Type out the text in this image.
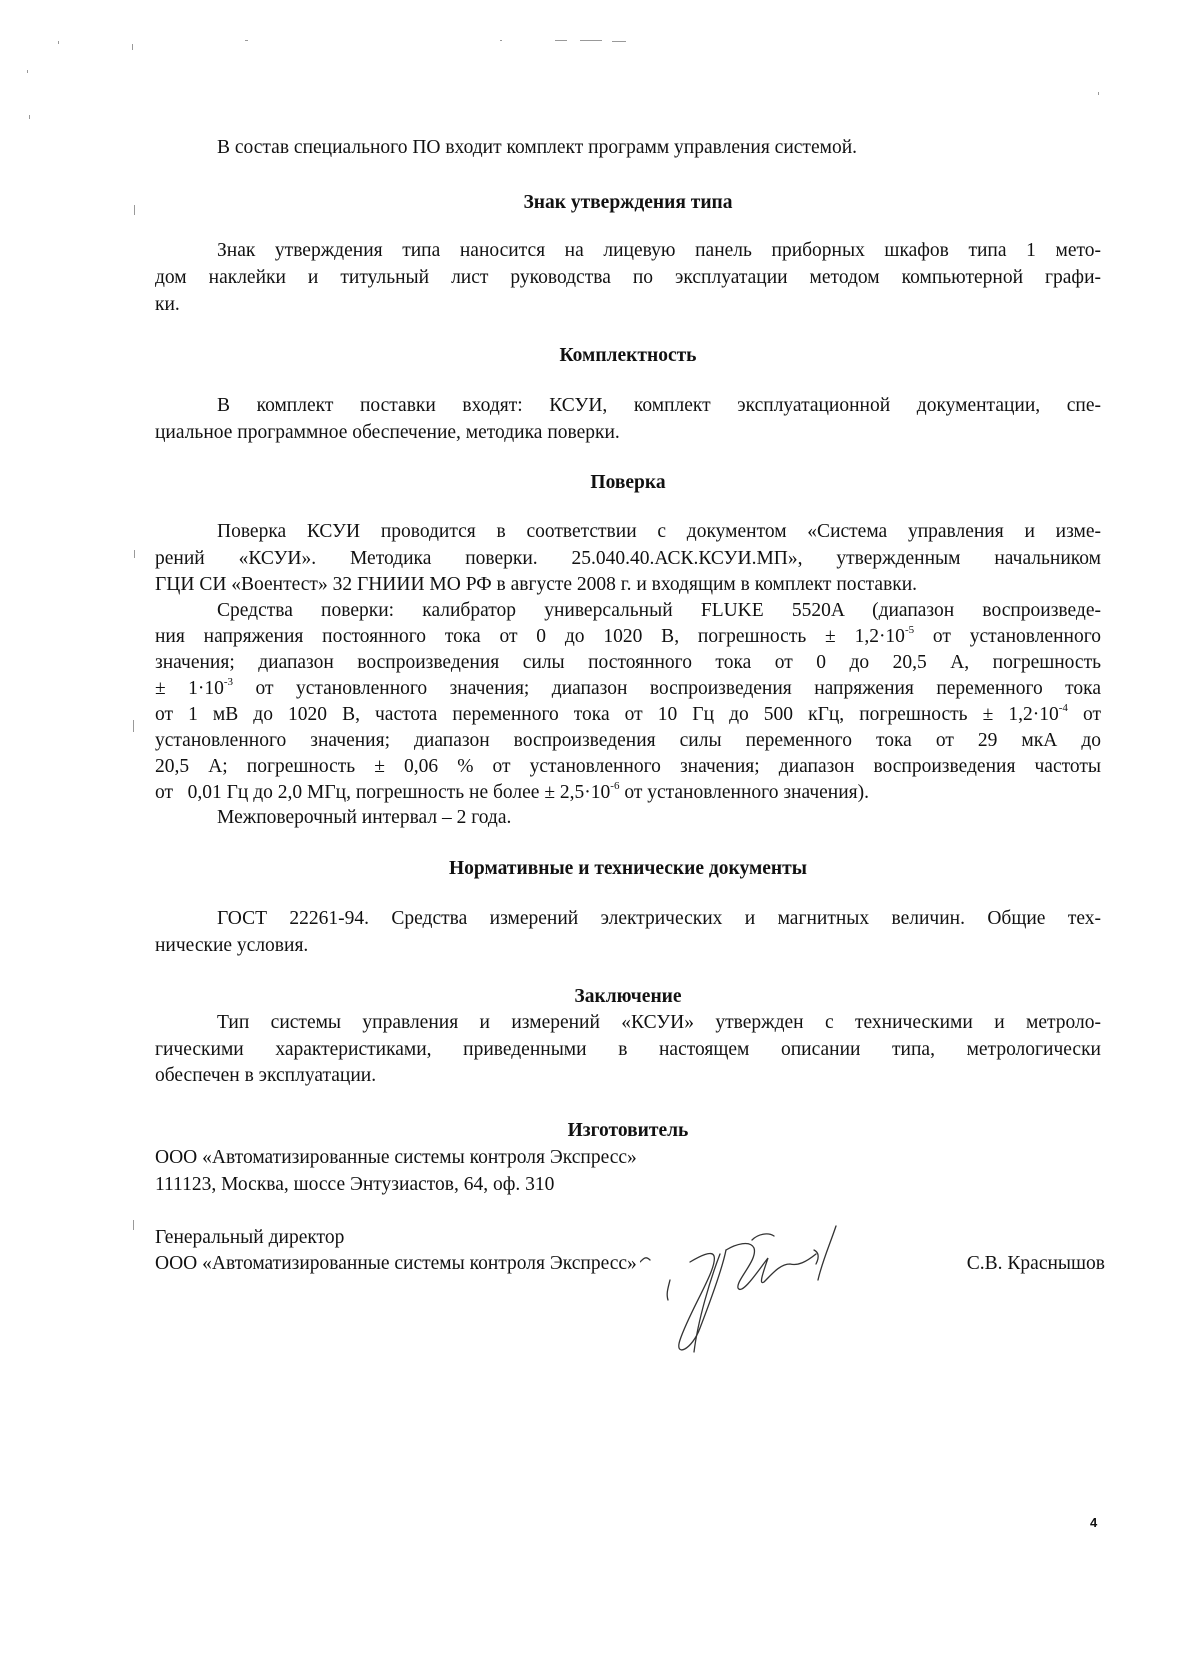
В состав специального ПО входит комплект программ управления системой.
Знак утверждения типа
Знак утверждения типа наносится на лицевую панель приборных шкафов типа 1 мето-
дом наклейки и титульный лист руководства по эксплуатации методом компьютерной графи-
ки.
Комплектность
В комплект поставки входят: КСУИ, комплект эксплуатационной документации, спе-
циальное программное обеспечение, методика поверки.
Поверка
Поверка КСУИ проводится в соответствии с документом «Система управления и изме-
рений «КСУИ». Методика поверки. 25.040.40.АСК.КСУИ.МП», утвержденным начальником
ГЦИ СИ «Воентест» 32 ГНИИИ МО РФ в августе 2008 г. и входящим в комплект поставки.
Средства поверки: калибратор универсальный FLUKE 5520A (диапазон воспроизведе-
ния напряжения постоянного тока от 0 до 1020 В, погрешность ± $1,2\cdot 10^{-5}$ от установленного
значения; диапазон воспроизведения силы постоянного тока от 0 до 20,5 А, погрешность
± $1\cdot 10^{-3}$ от установленного значения; диапазон воспроизведения напряжения переменного тока
от 1 мВ до 1020 В, частота переменного тока от 10 Гц до 500 кГц, погрешность ± $1,2\cdot 10^{-4}$ от
установленного значения; диапазон воспроизведения силы переменного тока от 29 мкА до
20,5 А; погрешность ± 0,06 % от установленного значения; диапазон воспроизведения частоты
от   0,01 Гц до 2,0 МГц, погрешность не более ± $2,5\cdot 10^{-6}$ от установленного значения).
Межповерочный интервал – 2 года.
Нормативные и технические документы
ГОСТ 22261-94. Средства измерений электрических и магнитных величин. Общие тех-
нические условия.
Заключение
Тип системы управления и измерений «КСУИ» утвержден с техническими и метроло-
гическими характеристиками, приведенными в настоящем описании типа, метрологически
обеспечен в эксплуатации.
Изготовитель
ООО «Автоматизированные системы контроля Экспресс»
111123, Москва, шоссе Энтузиастов, 64, оф. 310
Генеральный директор
ООО «Автоматизированные системы контроля Экспресс»	С.В. Краснышов
4
